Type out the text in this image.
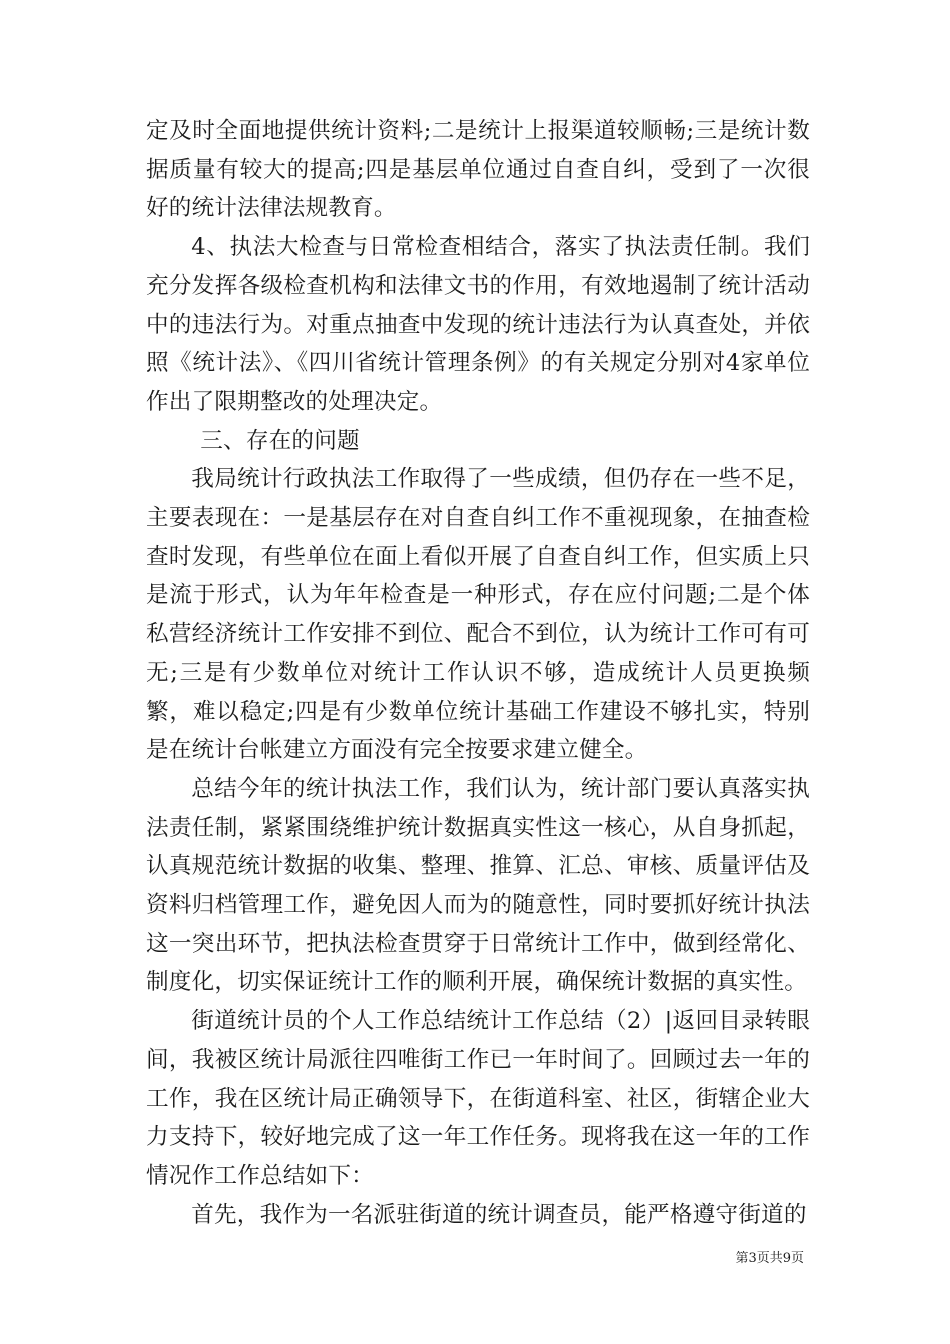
定及时全面地提供统计资料;二是统计上报渠道较顺畅;三是统计数据质量有较大的提高;四是基层单位通过自查自纠，受到了一次很好的统计法律法规教育。

4、执法大检查与日常检查相结合，落实了执法责任制。我们充分发挥各级检查机构和法律文书的作用，有效地遏制了统计活动中的违法行为。对重点抽查中发现的统计违法行为认真查处，并依照《统计法》、《四川省统计管理条例》的有关规定分别对4家单位作出了限期整改的处理决定。

三、存在的问题

我局统计行政执法工作取得了一些成绩，但仍存在一些不足，主要表现在：一是基层存在对自查自纠工作不重视现象，在抽查检查时发现，有些单位在面上看似开展了自查自纠工作，但实质上只是流于形式，认为年年检查是一种形式，存在应付问题;二是个体私营经济统计工作安排不到位、配合不到位，认为统计工作可有可无;三是有少数单位对统计工作认识不够，造成统计人员更换频繁，难以稳定;四是有少数单位统计基础工作建设不够扎实，特别是在统计台帐建立方面没有完全按要求建立健全。

总结今年的统计执法工作，我们认为，统计部门要认真落实执法责任制，紧紧围绕维护统计数据真实性这一核心，从自身抓起，认真规范统计数据的收集、整理、推算、汇总、审核、质量评估及资料归档管理工作，避免因人而为的随意性，同时要抓好统计执法这一突出环节，把执法检查贯穿于日常统计工作中，做到经常化、制度化，切实保证统计工作的顺利开展，确保统计数据的真实性。

街道统计员的个人工作总结统计工作总结（2）|返回目录转眼间，我被区统计局派往四唯街工作已一年时间了。回顾过去一年的工作，我在区统计局正确领导下，在街道科室、社区，街辖企业大力支持下，较好地完成了这一年工作任务。现将我在这一年的工作情况作工作总结如下：

首先，我作为一名派驻街道的统计调查员，能严格遵守街道的

第3页共9页
